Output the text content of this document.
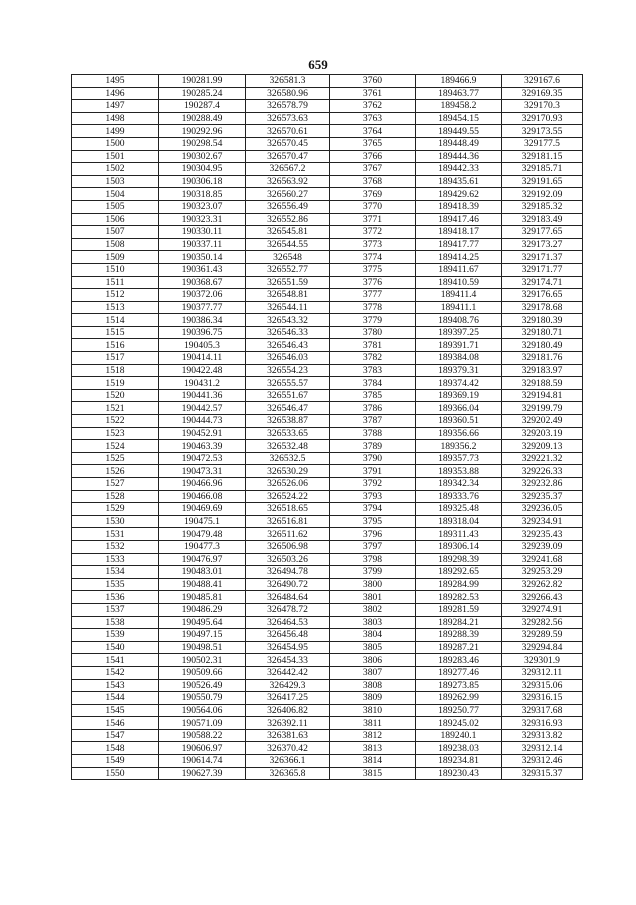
659
1495	190281.99	326581.3	3760	189466.9	329167.6
1496	190285.24	326580.96	3761	189463.77	329169.35
1497	190287.4	326578.79	3762	189458.2	329170.3
1498	190288.49	326573.63	3763	189454.15	329170.93
1499	190292.96	326570.61	3764	189449.55	329173.55
1500	190298.54	326570.45	3765	189448.49	329177.5
1501	190302.67	326570.47	3766	189444.36	329181.15
1502	190304.95	326567.2	3767	189442.33	329185.71
1503	190306.18	326563.92	3768	189435.61	329191.65
1504	190318.85	326560.27	3769	189429.62	329192.09
1505	190323.07	326556.49	3770	189418.39	329185.32
1506	190323.31	326552.86	3771	189417.46	329183.49
1507	190330.11	326545.81	3772	189418.17	329177.65
1508	190337.11	326544.55	3773	189417.77	329173.27
1509	190350.14	326548	3774	189414.25	329171.37
1510	190361.43	326552.77	3775	189411.67	329171.77
1511	190368.67	326551.59	3776	189410.59	329174.71
1512	190372.06	326548.81	3777	189411.4	329176.65
1513	190377.77	326544.11	3778	189411.1	329178.68
1514	190386.34	326543.32	3779	189408.76	329180.39
1515	190396.75	326546.33	3780	189397.25	329180.71
1516	190405.3	326546.43	3781	189391.71	329180.49
1517	190414.11	326546.03	3782	189384.08	329181.76
1518	190422.48	326554.23	3783	189379.31	329183.97
1519	190431.2	326555.57	3784	189374.42	329188.59
1520	190441.36	326551.67	3785	189369.19	329194.81
1521	190442.57	326546.47	3786	189366.04	329199.79
1522	190444.73	326538.87	3787	189360.51	329202.49
1523	190452.91	326533.65	3788	189356.66	329203.19
1524	190463.39	326532.48	3789	189356.2	329209.13
1525	190472.53	326532.5	3790	189357.73	329221.32
1526	190473.31	326530.29	3791	189353.88	329226.33
1527	190466.96	326526.06	3792	189342.34	329232.86
1528	190466.08	326524.22	3793	189333.76	329235.37
1529	190469.69	326518.65	3794	189325.48	329236.05
1530	190475.1	326516.81	3795	189318.04	329234.91
1531	190479.48	326511.62	3796	189311.43	329235.43
1532	190477.3	326506.98	3797	189306.14	329239.09
1533	190476.97	326503.26	3798	189298.39	329241.68
1534	190483.01	326494.78	3799	189292.65	329253.29
1535	190488.41	326490.72	3800	189284.99	329262.82
1536	190485.81	326484.64	3801	189282.53	329266.43
1537	190486.29	326478.72	3802	189281.59	329274.91
1538	190495.64	326464.53	3803	189284.21	329282.56
1539	190497.15	326456.48	3804	189288.39	329289.59
1540	190498.51	326454.95	3805	189287.21	329294.84
1541	190502.31	326454.33	3806	189283.46	329301.9
1542	190509.66	326442.42	3807	189277.46	329312.11
1543	190526.49	326429.3	3808	189273.85	329315.06
1544	190550.79	326417.25	3809	189262.99	329316.15
1545	190564.06	326406.82	3810	189250.77	329317.68
1546	190571.09	326392.11	3811	189245.02	329316.93
1547	190588.22	326381.63	3812	189240.1	329313.82
1548	190606.97	326370.42	3813	189238.03	329312.14
1549	190614.74	326366.1	3814	189234.81	329312.46
1550	190627.39	326365.8	3815	189230.43	329315.37
